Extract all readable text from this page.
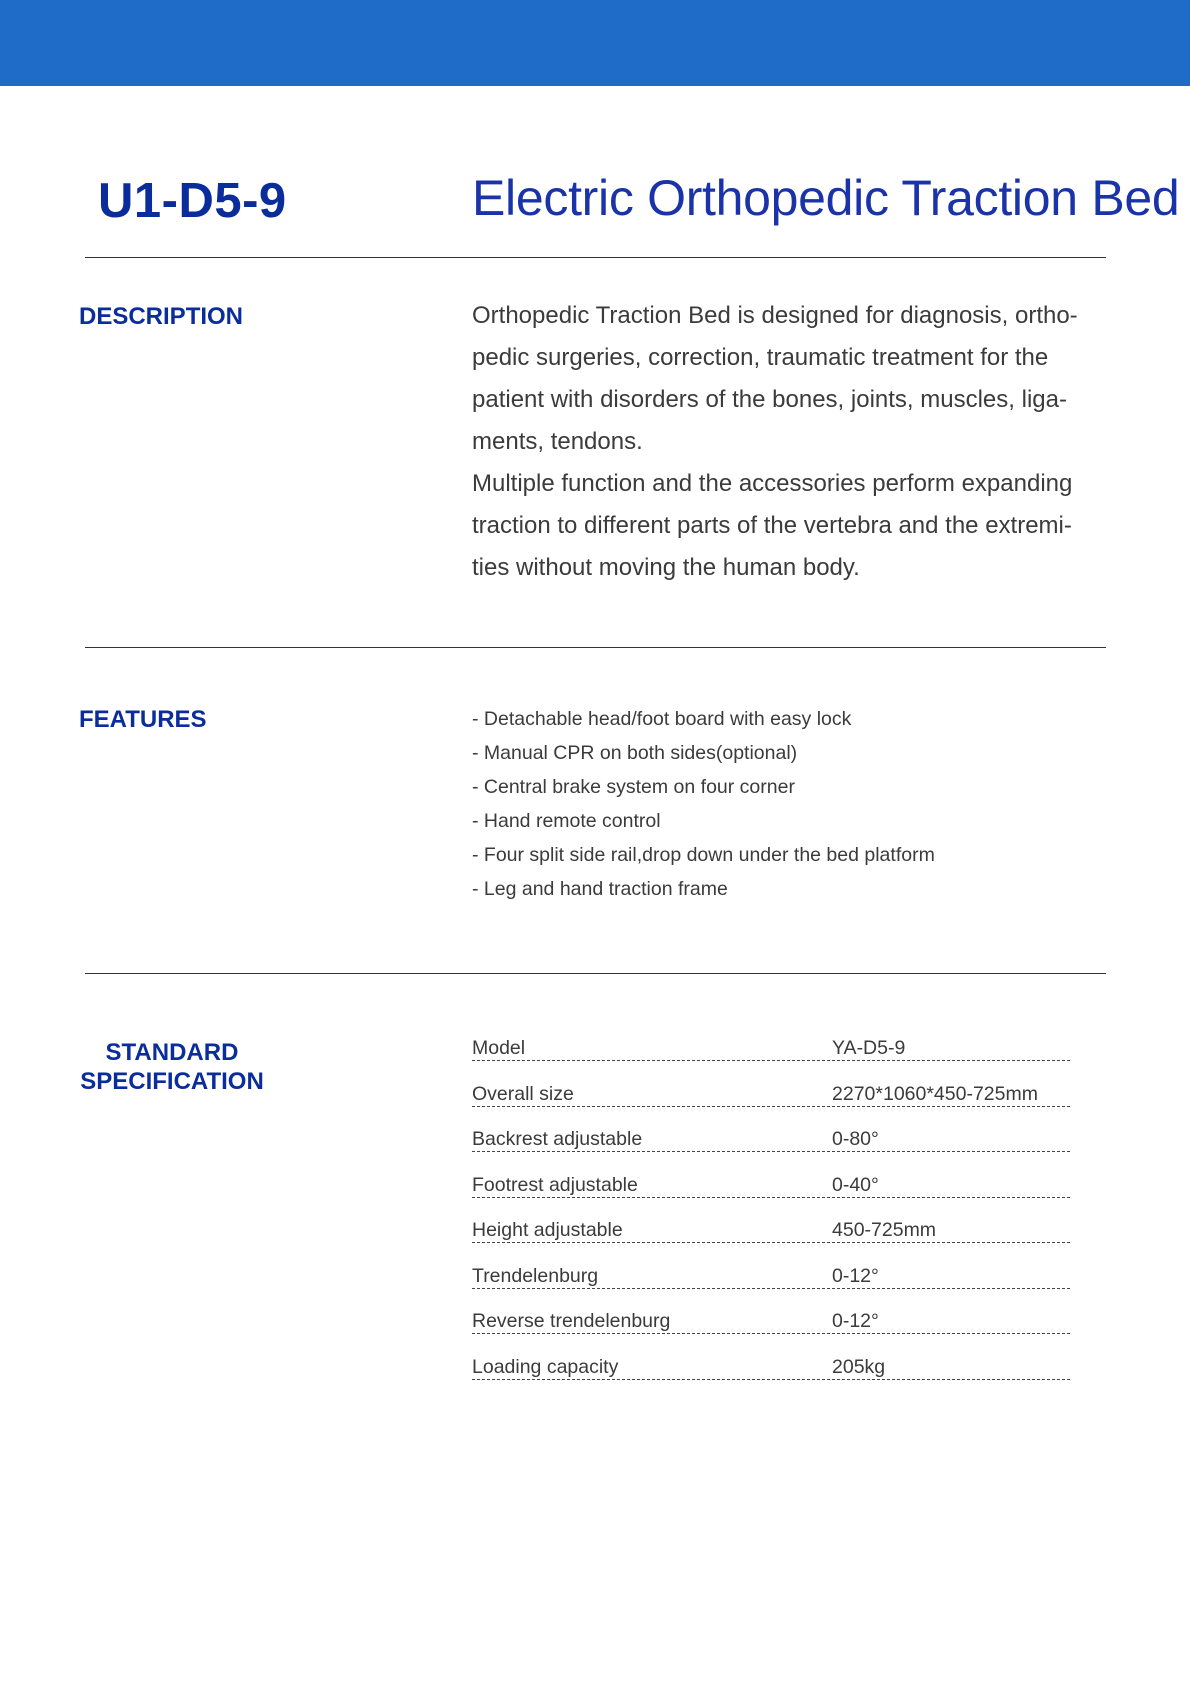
U1-D5-9	Electric Orthopedic Traction Bed
DESCRIPTION	Orthopedic Traction Bed is designed for diagnosis, ortho-

pedic surgeries, correction, traumatic treatment for the

patient with disorders of the bones, joints, muscles, liga-

ments, tendons.

Multiple function and the accessories perform expanding

traction to different parts of the vertebra and the extremi-

ties without moving the human body.

FEATURES	- Detachable head/foot board with easy lock
- Manual CPR on both sides(optional)
- Central brake system on four corner
- Hand remote control
- Four split side rail,drop down under the bed platform
- Leg and hand traction frame
STANDARD
SPECIFICATION
Model	YA-D5-9
Overall size	2270*1060*450-725mm
Backrest adjustable	0-80°
Footrest adjustable	0-40°
Height adjustable	450-725mm
Trendelenburg	0-12°
Reverse trendelenburg	0-12°
Loading capacity	205kg
